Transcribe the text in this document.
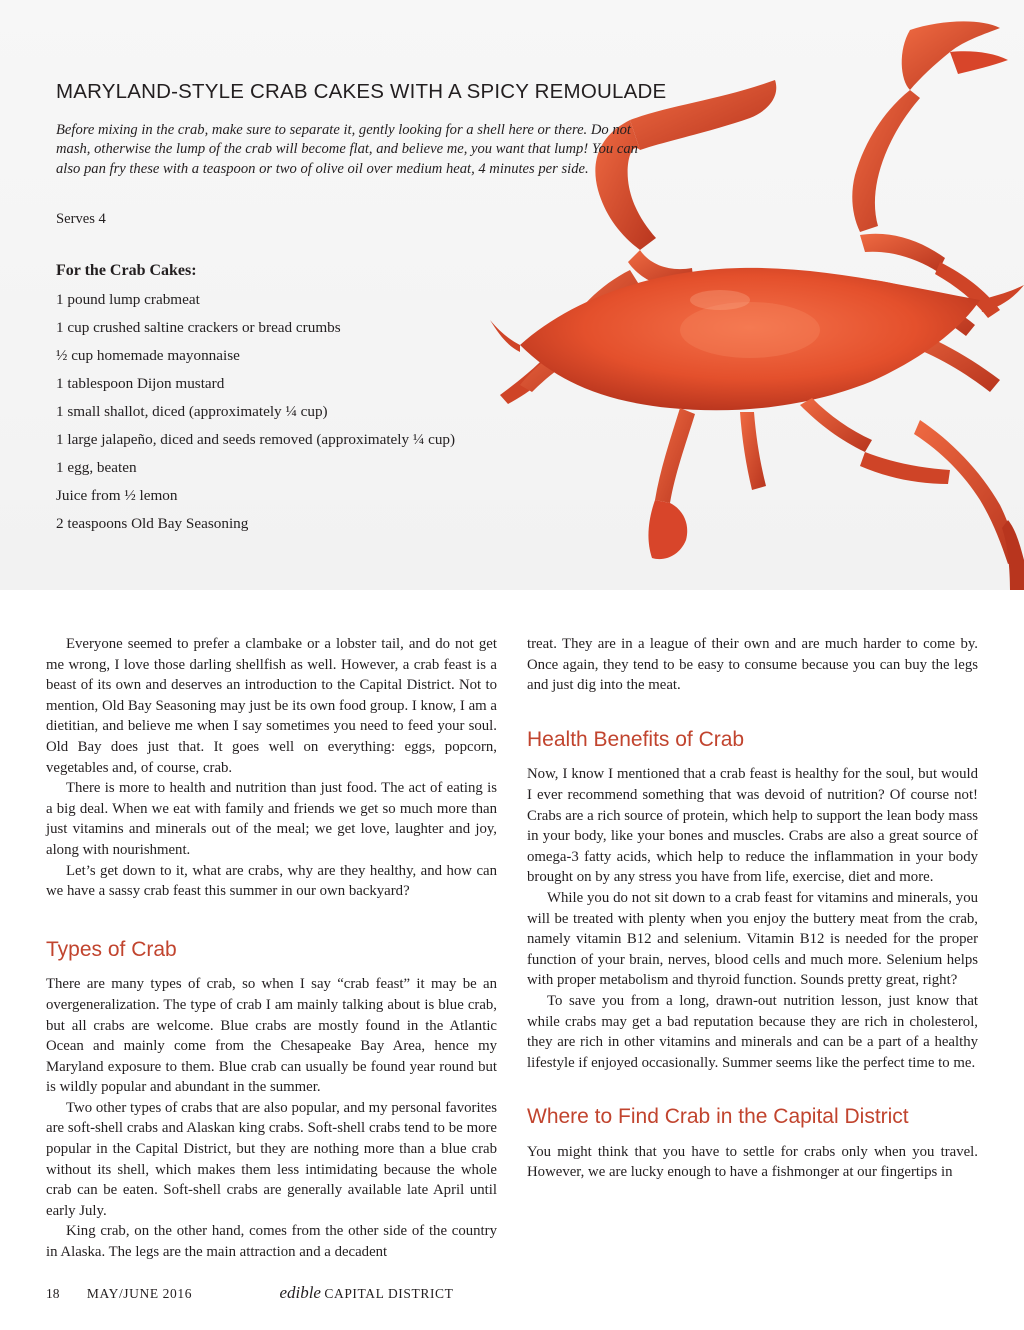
MARYLAND-STYLE CRAB CAKES WITH A SPICY REMOULADE
Before mixing in the crab, make sure to separate it, gently looking for a shell here or there. Do not mash, otherwise the lump of the crab will become flat, and believe me, you want that lump! You can also pan fry these with a teaspoon or two of olive oil over medium heat, 4 minutes per side.
Serves 4
For the Crab Cakes:
1 pound lump crabmeat
1 cup crushed saltine crackers or bread crumbs
½ cup homemade mayonnaise
1 tablespoon Dijon mustard
1 small shallot, diced (approximately ¼ cup)
1 large jalapeño, diced and seeds removed (approximately ¼ cup)
1 egg, beaten
Juice from ½ lemon
2 teaspoons Old Bay Seasoning

Everyone seemed to prefer a clambake or a lobster tail, and do not get me wrong, I love those darling shellfish as well. However, a crab feast is a beast of its own and deserves an introduction to the Capital District. Not to mention, Old Bay Seasoning may just be its own food group. I know, I am a dietitian, and believe me when I say sometimes you need to feed your soul. Old Bay does just that. It goes well on everything: eggs, popcorn, vegetables and, of course, crab.

There is more to health and nutrition than just food. The act of eating is a big deal. When we eat with family and friends we get so much more than just vitamins and minerals out of the meal; we get love, laughter and joy, along with nourishment.

Let’s get down to it, what are crabs, why are they healthy, and how can we have a sassy crab feast this summer in our own backyard?

Types of Crab

There are many types of crab, so when I say “crab feast” it may be an overgeneralization. The type of crab I am mainly talking about is blue crab, but all crabs are welcome. Blue crabs are mostly found in the Atlantic Ocean and mainly come from the Chesapeake Bay Area, hence my Maryland exposure to them. Blue crab can usually be found year round but is wildly popular and abundant in the summer.

Two other types of crabs that are also popular, and my personal favorites are soft-shell crabs and Alaskan king crabs. Soft-shell crabs tend to be more popular in the Capital District, but they are nothing more than a blue crab without its shell, which makes them less intimidating because the whole crab can be eaten. Soft-shell crabs are generally available late April until early July.

King crab, on the other hand, comes from the other side of the country in Alaska. The legs are the main attraction and a decadent

treat. They are in a league of their own and are much harder to come by. Once again, they tend to be easy to consume because you can buy the legs and just dig into the meat.

Health Benefits of Crab

Now, I know I mentioned that a crab feast is healthy for the soul, but would I ever recommend something that was devoid of nutrition? Of course not! Crabs are a rich source of protein, which help to support the lean body mass in your body, like your bones and muscles. Crabs are also a great source of omega-3 fatty acids, which help to reduce the inflammation in your body brought on by any stress you have from life, exercise, diet and more.

While you do not sit down to a crab feast for vitamins and minerals, you will be treated with plenty when you enjoy the buttery meat from the crab, namely vitamin B12 and selenium. Vitamin B12 is needed for the proper function of your brain, nerves, blood cells and much more. Selenium helps with proper metabolism and thyroid function. Sounds pretty great, right?

To save you from a long, drawn-out nutrition lesson, just know that while crabs may get a bad reputation because they are rich in cholesterol, they are rich in other vitamins and minerals and can be a part of a healthy lifestyle if enjoyed occasionally. Summer seems like the perfect time to me.

Where to Find Crab in the Capital District

You might think that you have to settle for crabs only when you travel. However, we are lucky enough to have a fishmonger at our fingertips in

18 MAY/JUNE 2016	edible CAPITAL DISTRICT
